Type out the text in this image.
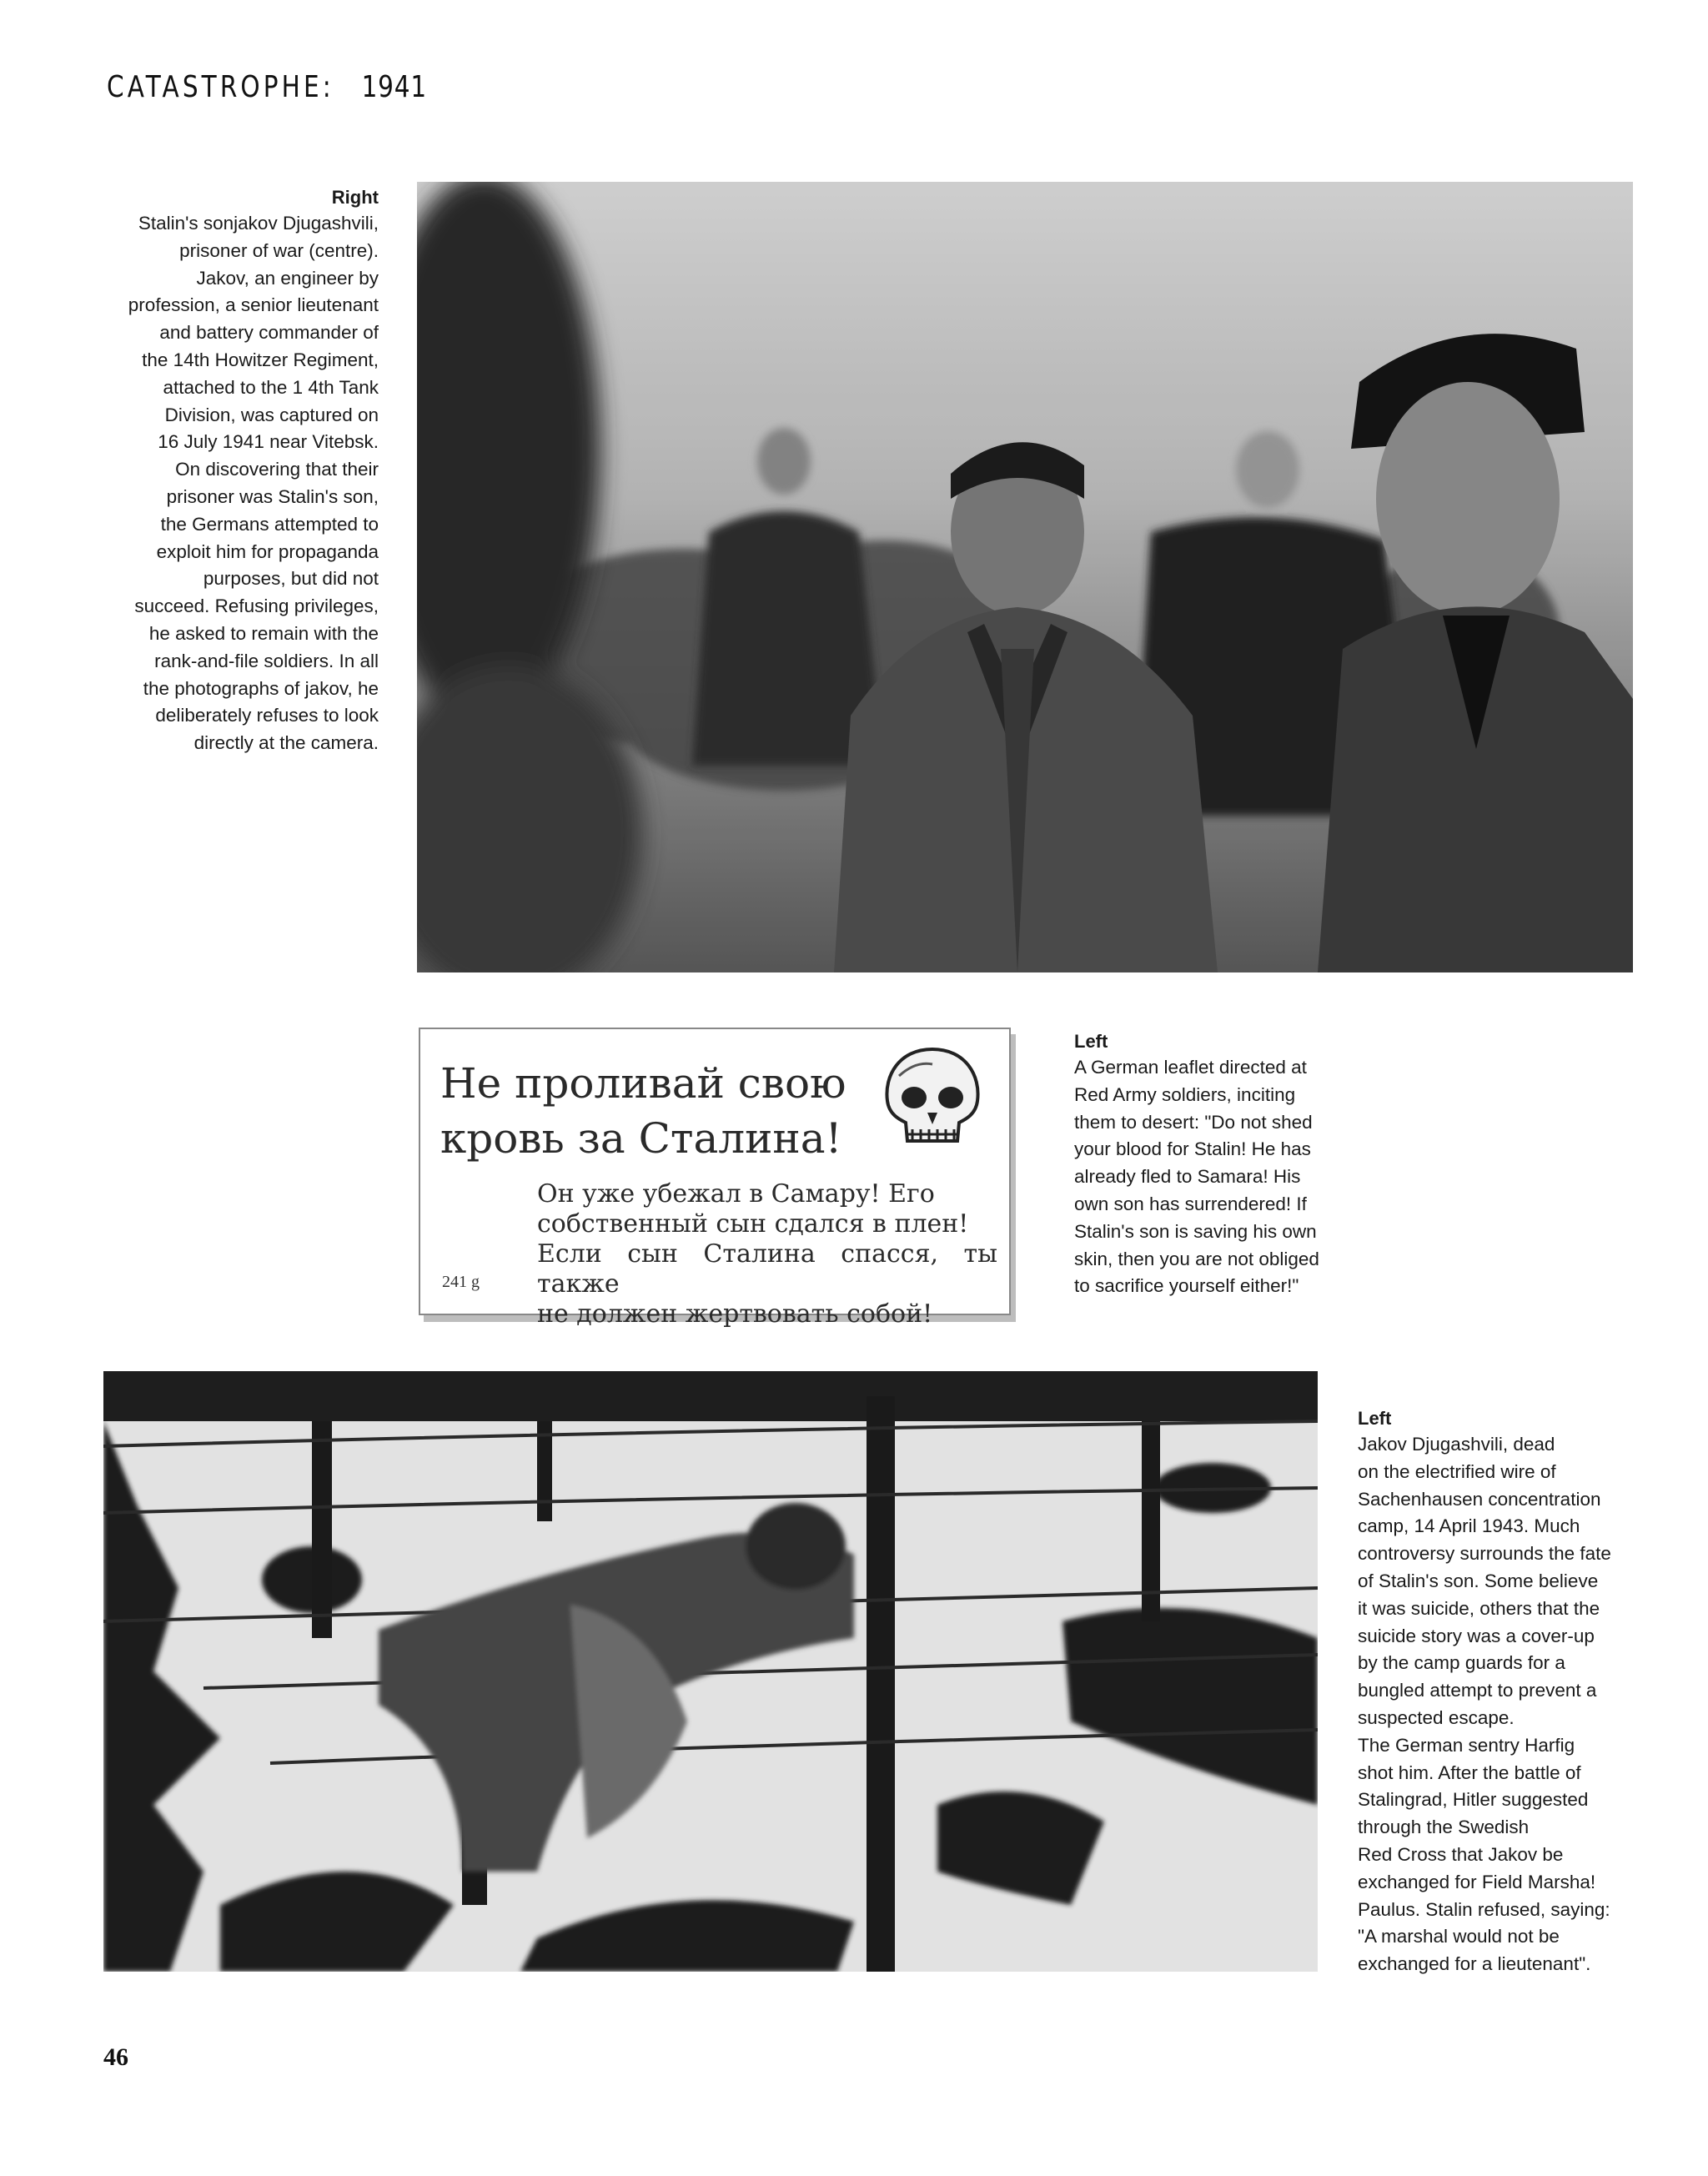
CATASTROPHE: 1941
Right
Stalin's sonjakov Djugashvili,
prisoner of war (centre).
Jakov, an engineer by
profession, a senior lieutenant
and battery commander of
the 14th Howitzer Regiment,
attached to the 1 4th Tank
Division, was captured on
16 July 1941 near Vitebsk.
On discovering that their
prisoner was Stalin's son,
the Germans attempted to
exploit him for propaganda
purposes, but did not
succeed. Refusing privileges,
he asked to remain with the
rank-and-file soldiers. In all
the photographs of jakov, he
deliberately refuses to look
directly at the camera.
Не проливай свою
кровь за Сталина!
Он уже убежал в Самару! Его
собственный сын сдался в плен!
Если сын Сталина спасся, ты также
не должен жертвовать собой!
241 g
Left
A German leaflet directed at
Red Army soldiers, inciting
them to desert: "Do not shed
your blood for Stalin! He has
already fled to Samara! His
own son has surrendered! If
Stalin's son is saving his own
skin, then you are not obliged
to sacrifice yourself either!"
Left
Jakov Djugashvili, dead
on the electrified wire of
Sachenhausen concentration
camp, 14 April 1943. Much
controversy surrounds the fate
of Stalin's son. Some believe
it was suicide, others that the
suicide story was a cover-up
by the camp guards for a
bungled attempt to prevent a
suspected escape.
The German sentry Harfig
shot him. After the battle of
Stalingrad, Hitler suggested
through the Swedish
Red Cross that Jakov be
exchanged for Field Marsha!
Paulus. Stalin refused, saying:
"A marshal would not be
exchanged for a lieutenant".
46
